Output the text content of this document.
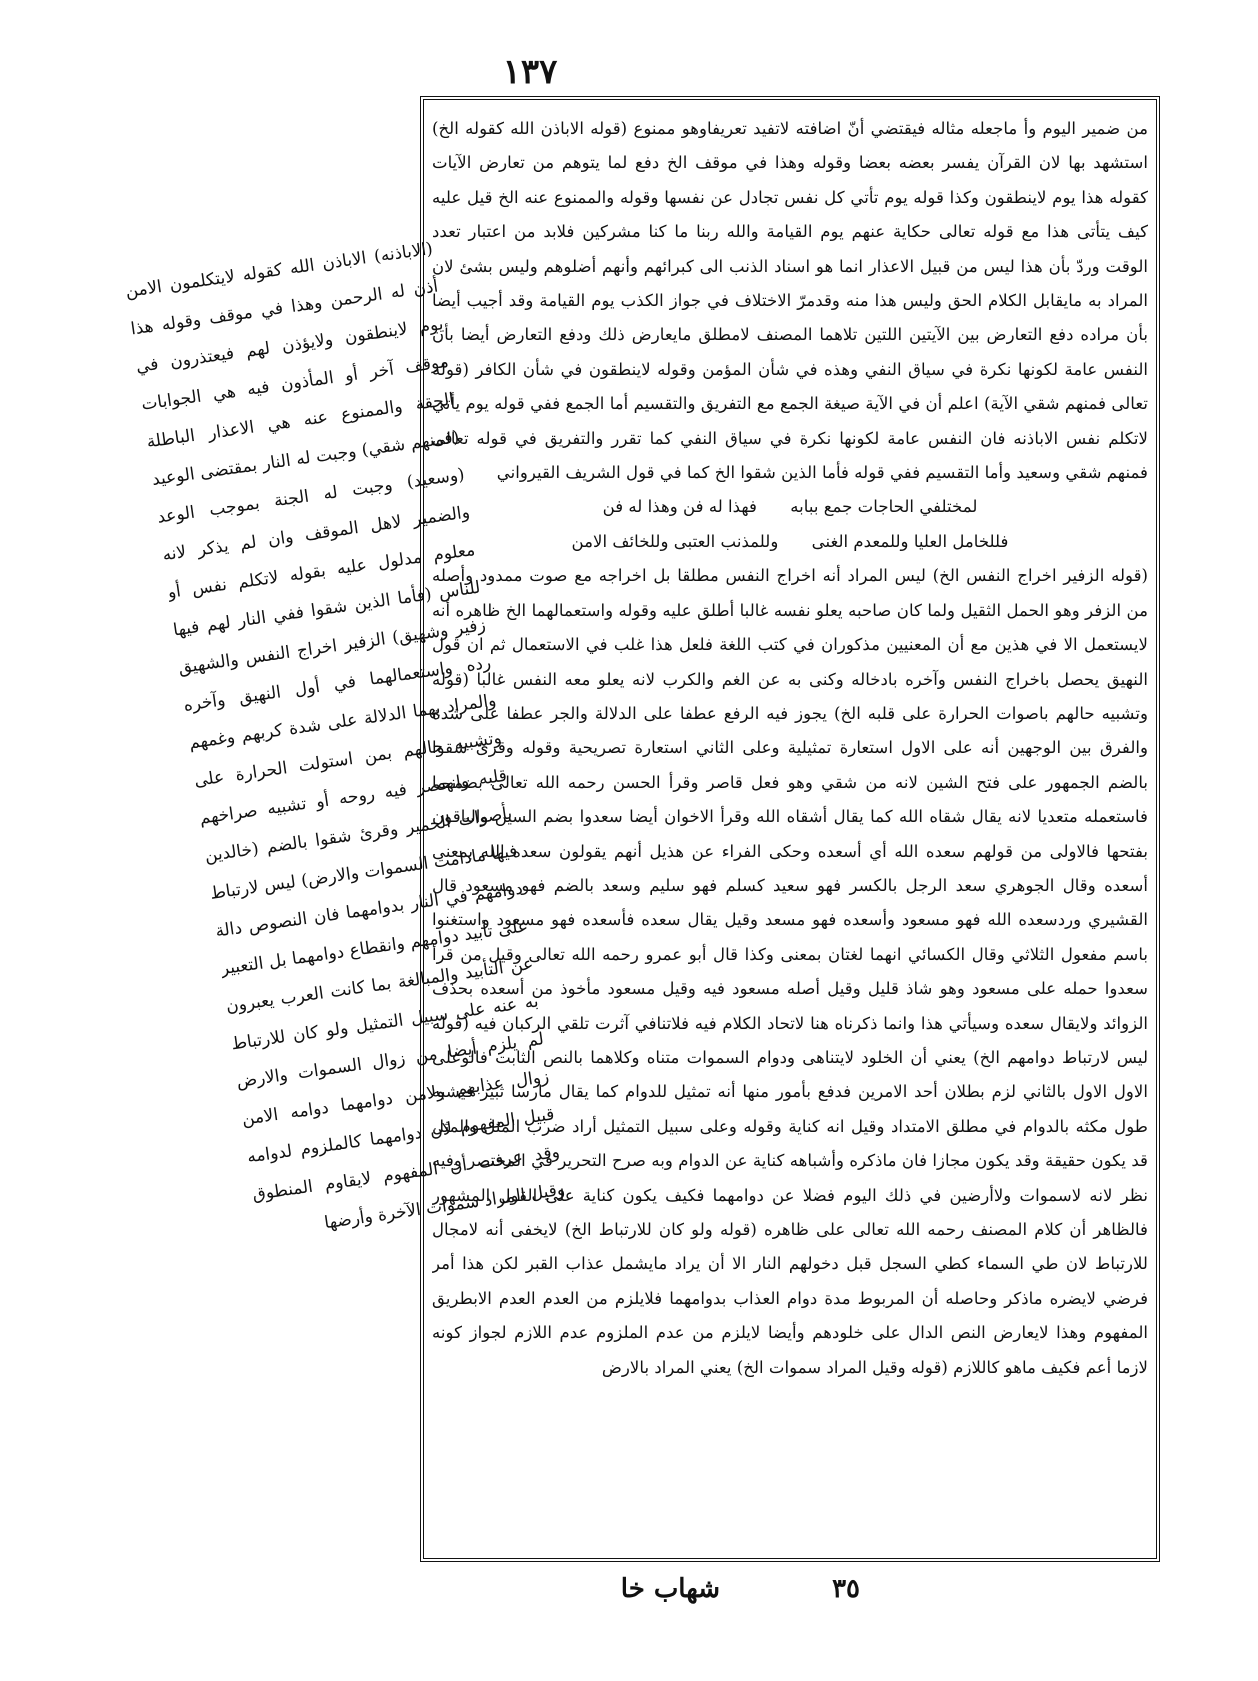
١٣٧

من ضمير اليوم وأ ماجعله مثاله فيقتضي أنّ اضافته لاتفيد تعريفاوهو ممنوع (قوله الاباذن الله كقوله الخ) استشهد بها لان القرآن يفسر بعضه بعضا وقوله وهذا في موقف الخ دفع لما يتوهم من تعارض الآيات كقوله هذا يوم لاينطقون وكذا قوله يوم تأتي كل نفس تجادل عن نفسها وقوله والممنوع عنه الخ قيل عليه كيف يتأتى هذا مع قوله تعالى حكاية عنهم يوم القيامة والله ربنا ما كنا مشركين فلابد من اعتبار تعدد الوقت وردّ بأن هذا ليس من قبيل الاعذار انما هو اسناد الذنب الى كبرائهم وأنهم أضلوهم وليس بشئ لان المراد به مايقابل الكلام الحق وليس هذا منه وقدمرّ الاختلاف في جواز الكذب يوم القيامة وقد أجيب أيضا بأن مراده دفع التعارض بين الآيتين اللتين تلاهما المصنف لامطلق مايعارض ذلك ودفع التعارض أيضا بأن النفس عامة لكونها نكرة في سياق النفي وهذه في شأن المؤمن وقوله لاينطقون في شأن الكافر (قوله تعالى فمنهم شقي الآية) اعلم أن في الآية صيغة الجمع مع التفريق والتقسيم أما الجمع ففي قوله يوم يأتي لاتكلم نفس الاباذنه فان النفس عامة لكونها نكرة في سياق النفي كما تقرر والتفريق في قوله تعالى فمنهم شقي وسعيد وأما التقسيم ففي قوله فأما الذين شقوا الخ كما في قول الشريف القيرواني

لمختلفي الحاجات جمع ببابه فهذا له فن وهذا له فن
فللخامل العليا وللمعدم الغنى وللمذنب العتبى وللخائف الامن

(قوله الزفير اخراج النفس الخ) ليس المراد أنه اخراج النفس مطلقا بل اخراجه مع صوت ممدود وأصله من الزفر وهو الحمل الثقيل ولما كان صاحبه يعلو نفسه غالبا أطلق عليه وقوله واستعمالهما الخ ظاهره أنه لايستعمل الا في هذين مع أن المعنيين مذكوران في كتب اللغة فلعل هذا غلب في الاستعمال ثم ان قول النهيق يحصل باخراج النفس وآخره بادخاله وكنى به عن الغم والكرب لانه يعلو معه النفس غالبا (قوله وتشبيه حالهم باصوات الحرارة على قلبه الخ) يجوز فيه الرفع عطفا على الدلالة والجر عطفا على شدة والفرق بين الوجهين أنه على الاول استعارة تمثيلية وعلى الثاني استعارة تصريحية وقوله وقرئ شقوا بالضم الجمهور على فتح الشين لانه من شقي وهو فعل قاصر وقرأ الحسن رحمه الله تعالى بضمهما فاستعمله متعديا لانه يقال شقاه الله كما يقال أشقاه الله وقرأ الاخوان أيضا سعدوا بضم السين والباقون بفتحها فالاولى من قولهم سعده الله أي أسعده وحكى الفراء عن هذيل أنهم يقولون سعده الله بمعنى أسعده وقال الجوهري سعد الرجل بالكسر فهو سعيد كسلم فهو سليم وسعد بالضم فهو مسعود قال القشيري وردسعده الله فهو مسعود وأسعده فهو مسعد وقيل يقال سعده فأسعده فهو مسعود واستغنوا باسم مفعول الثلاثي وقال الكسائي انهما لغتان بمعنى وكذا قال أبو عمرو رحمه الله تعالى وقيل من قرأ سعدوا حمله على مسعود وهو شاذ قليل وقيل أصله مسعود فيه وقيل مسعود مأخوذ من أسعده بحذف الزوائد ولايقال سعده وسيأتي هذا وانما ذكرناه هنا لاتحاد الكلام فيه فلاتنافي آثرت تلقي الركبان فيه (قوله ليس لارتباط دوامهم الخ) يعني أن الخلود لايتناهى ودوام السموات متناه وكلاهما بالنص الثابت فالوعلى الاول الاول بالثاني لزم بطلان أحد الامرين فدفع بأمور منها أنه تمثيل للدوام كما يقال مارسا ثبير فيشبه طول مكثه بالدوام في مطلق الامتداد وقيل انه كناية وقوله وعلى سبيل التمثيل أراد ضرب المثل والمثل قد يكون حقيقة وقد يكون مجازا فان ماذكره وأشباهه كناية عن الدوام وبه صرح التحرير في المختصر وفيه نظر لانه لاسموات ولاأرضين في ذلك اليوم فضلا عن دوامهما فكيف يكون كناية على القول المشهور فالظاهر أن كلام المصنف رحمه الله تعالى على ظاهره (قوله ولو كان للارتباط الخ) لايخفى أنه لامجال للارتباط لان طي السماء كطي السجل قبل دخولهم النار الا أن يراد مايشمل عذاب القبر لكن هذا أمر فرضي لايضره ماذكر وحاصله أن المربوط مدة دوام العذاب بدوامهما فلايلزم من العدم العدم الابطريق المفهوم وهذا لايعارض النص الدال على خلودهم وأيضا لايلزم من عدم الملزوم عدم اللازم لجواز كونه لازما أعم فكيف ماهو كاللازم (قوله وقيل المراد سموات الخ) يعني المراد بالارض

(الاباذنه) الاباذن الله كقوله لايتكلمون الامن أذن له الرحمن وهذا في موقف وقوله هذا يوم لاينطقون ولايؤذن لهم فيعتذرون في موقف آخر أو المأذون فيه هي الجوابات الحقة والممنوع عنه هي الاعذار الباطلة (فمنهم شقي) وجبت له النار بمقتضى الوعيد (وسعيد) وجبت له الجنة بموجب الوعد والضمير لاهل الموقف وان لم يذكر لانه معلوم مدلول عليه بقوله لاتكلم نفس أو للناس (فأما الذين شقوا ففي النار لهم فيها زفير وشهيق) الزفير اخراج النفس والشهيق رده واستعمالهما في أول النهيق وآخره والمراد بهما الدلالة على شدة كربهم وغمهم وتشبيه حالهم بمن استولت الحرارة على قلبه وانحصر فيه روحه أو تشبيه صراخهم بأصوات الحمير وقرئ شقوا بالضم (خالدين فيها مادامت السموات والارض) ليس لارتباط دوامهم في النار بدوامهما فان النصوص دالة على تأبيد دوامهم وانقطاع دوامهما بل التعبير عن التأبيد والمبالغة بما كانت العرب يعبرون به عنه على سبيل التمثيل ولو كان للارتباط لم يلزم أيضا من زوال السموات والارض زوال عذابهم ولامن دوامهما دوامه الامن قبيل المفهوم لان دوامهما كالملزوم لدوامه وقد عرفت أن المفهوم لايقاوم المنطوق وقيل المراد سموات الآخرة وأرضها
٣٥
شهاب خا
